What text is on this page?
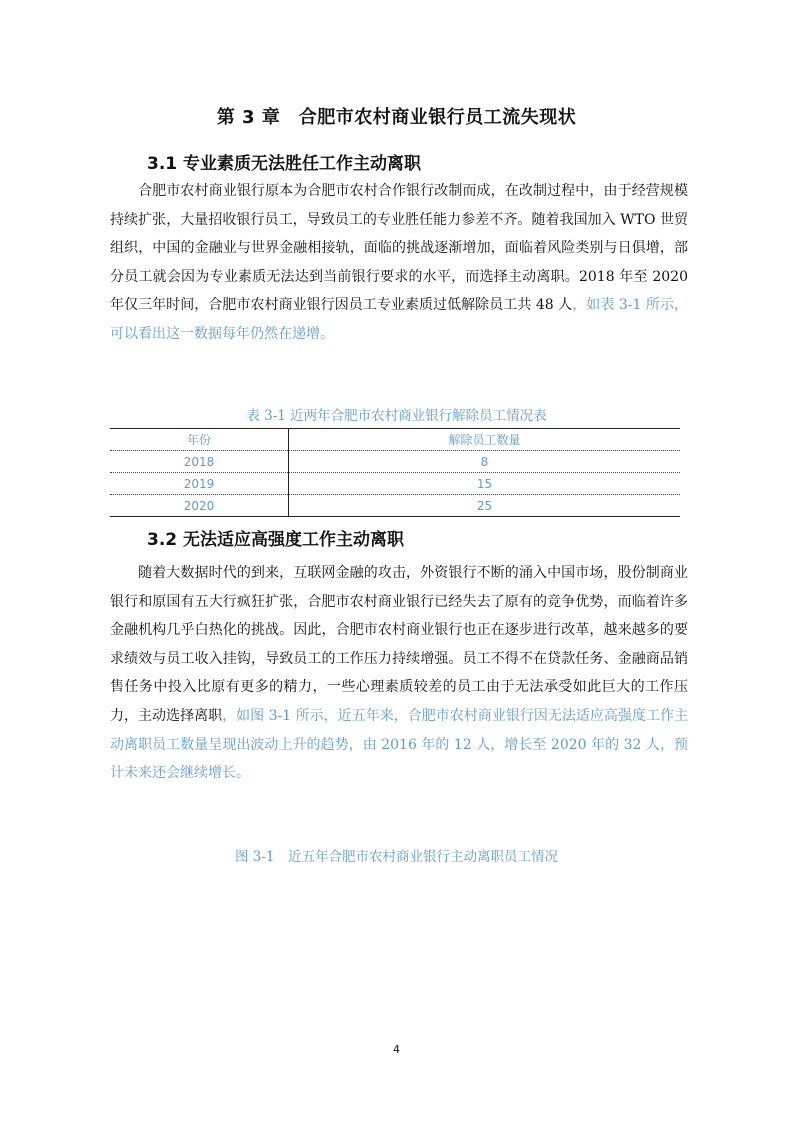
第 3 章　合肥市农村商业银行员工流失现状
3.1 专业素质无法胜任工作主动离职

合肥市农村商业银行原本为合肥市农村合作银行改制而成，在改制过程中，由于经营规模持续扩张，大量招收银行员工，导致员工的专业胜任能力参差不齐。随着我国加入 WTO 世贸组织，中国的金融业与世界金融相接轨，面临的挑战逐渐增加，面临着风险类别与日俱增，部分员工就会因为专业素质无法达到当前银行要求的水平，而选择主动离职。2018 年至 2020 年仅三年时间，合肥市农村商业银行因员工专业素质过低解除员工共 48 人，如表 3-1 所示，可以看出这一数据每年仍然在递增。

表 3-1 近两年合肥市农村商业银行解除员工情况表
年份	解除员工数量
2018	8
2019	15
2020	25
3.2 无法适应高强度工作主动离职

随着大数据时代的到来，互联网金融的攻击，外资银行不断的涌入中国市场，股份制商业银行和原国有五大行疯狂扩张，合肥市农村商业银行已经失去了原有的竞争优势，而临着许多金融机构几乎白热化的挑战。因此，合肥市农村商业银行也正在逐步进行改革，越来越多的要求绩效与员工收入挂钩，导致员工的工作压力持续增强。员工不得不在贷款任务、金融商品销售任务中投入比原有更多的精力，一些心理素质较差的员工由于无法承受如此巨大的工作压力，主动选择离职，如图 3-1 所示，近五年来，合肥市农村商业银行因无法适应高强度工作主动离职员工数量呈现出波动上升的趋势，由 2016 年的 12 人，增长至 2020 年的 32 人，预计未来还会继续增长。

图 3-1　近五年合肥市农村商业银行主动离职员工情况
4
